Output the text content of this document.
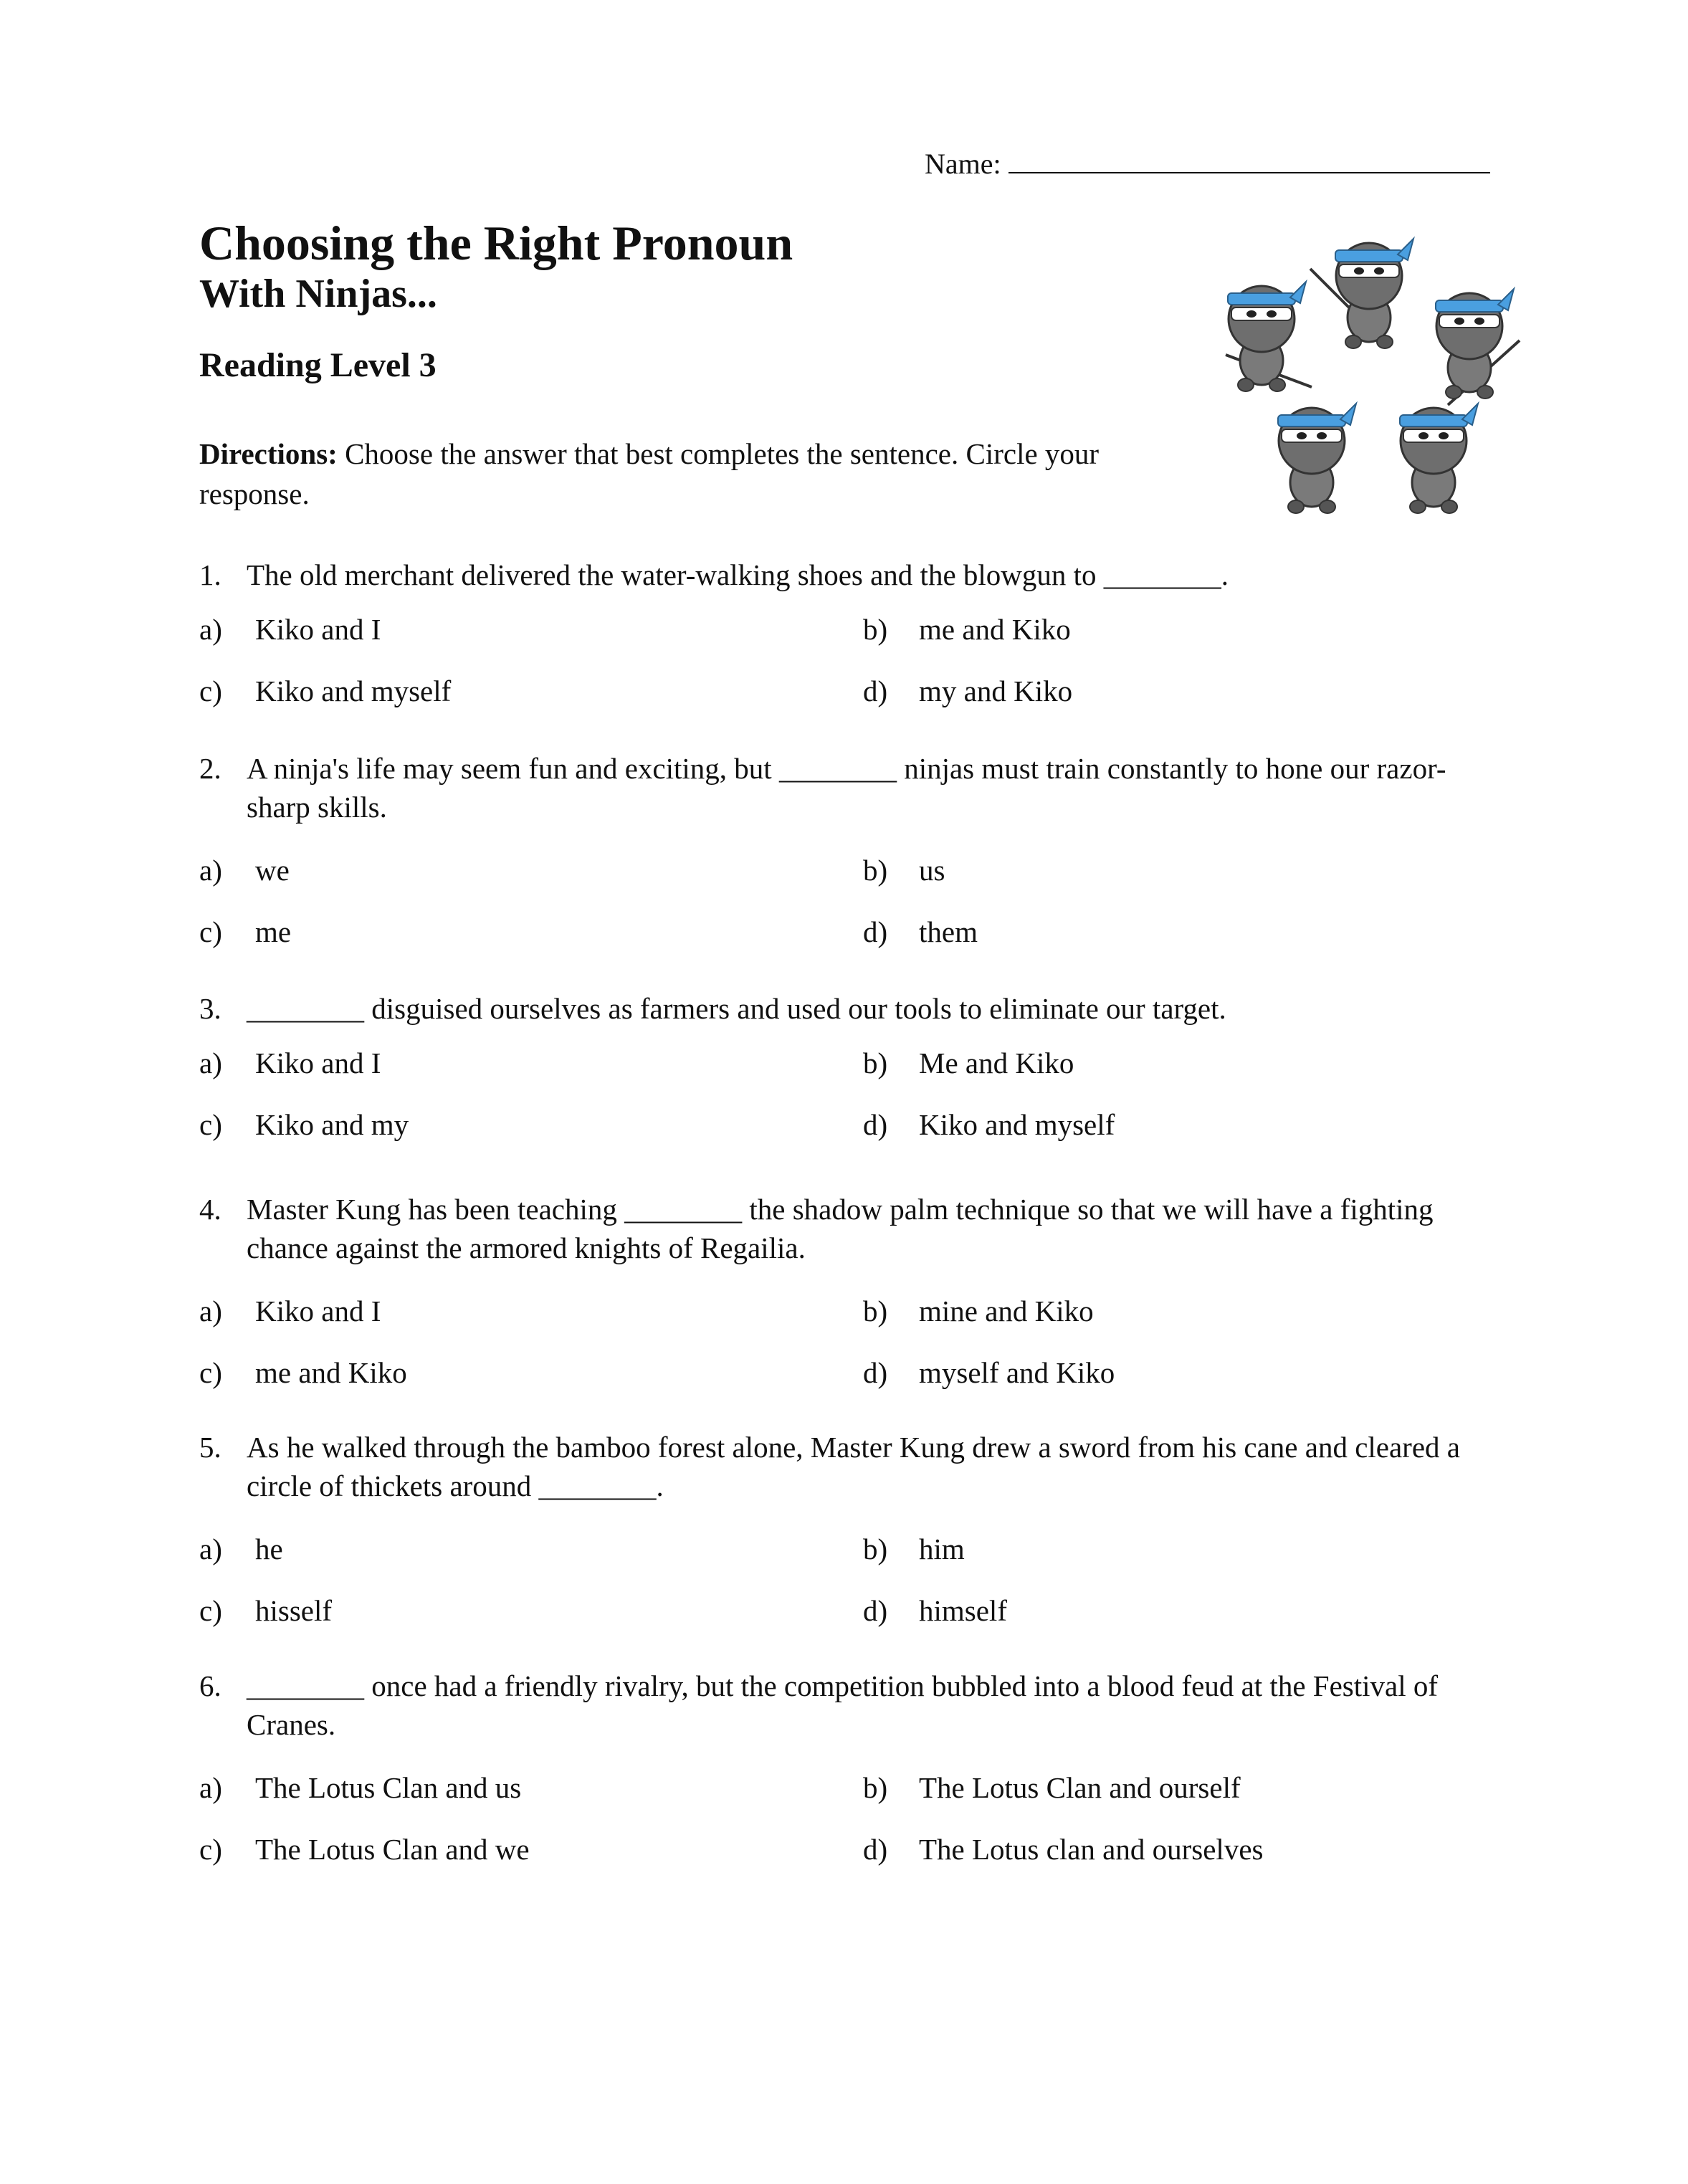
Name:
Choosing the Right Pronoun
With Ninjas...
Reading Level 3

Directions: Choose the answer that best completes the sentence. Circle your response.

1. The old merchant delivered the water-walking shoes and the blowgun to ________.
a) Kiko and I	b) me and Kiko
c) Kiko and myself	d) my and Kiko
2. A ninja's life may seem fun and exciting, but ________ ninjas must train constantly to hone our razor-sharp skills.
a) we	b) us
c) me	d) them
3. ________ disguised ourselves as farmers and used our tools to eliminate our target.
a) Kiko and I	b) Me and Kiko
c) Kiko and my	d) Kiko and myself
4. Master Kung has been teaching ________ the shadow palm technique so that we will have a fighting chance against the armored knights of Regailia.
a) Kiko and I	b) mine and Kiko
c) me and Kiko	d) myself and Kiko
5. As he walked through the bamboo forest alone, Master Kung drew a sword from his cane and cleared a circle of thickets around ________.
a) he	b) him
c) hisself	d) himself
6. ________ once had a friendly rivalry, but the competition bubbled into a blood feud at the Festival of Cranes.
a) The Lotus Clan and us	b) The Lotus Clan and ourself
c) The Lotus Clan and we	d) The Lotus clan and ourselves
